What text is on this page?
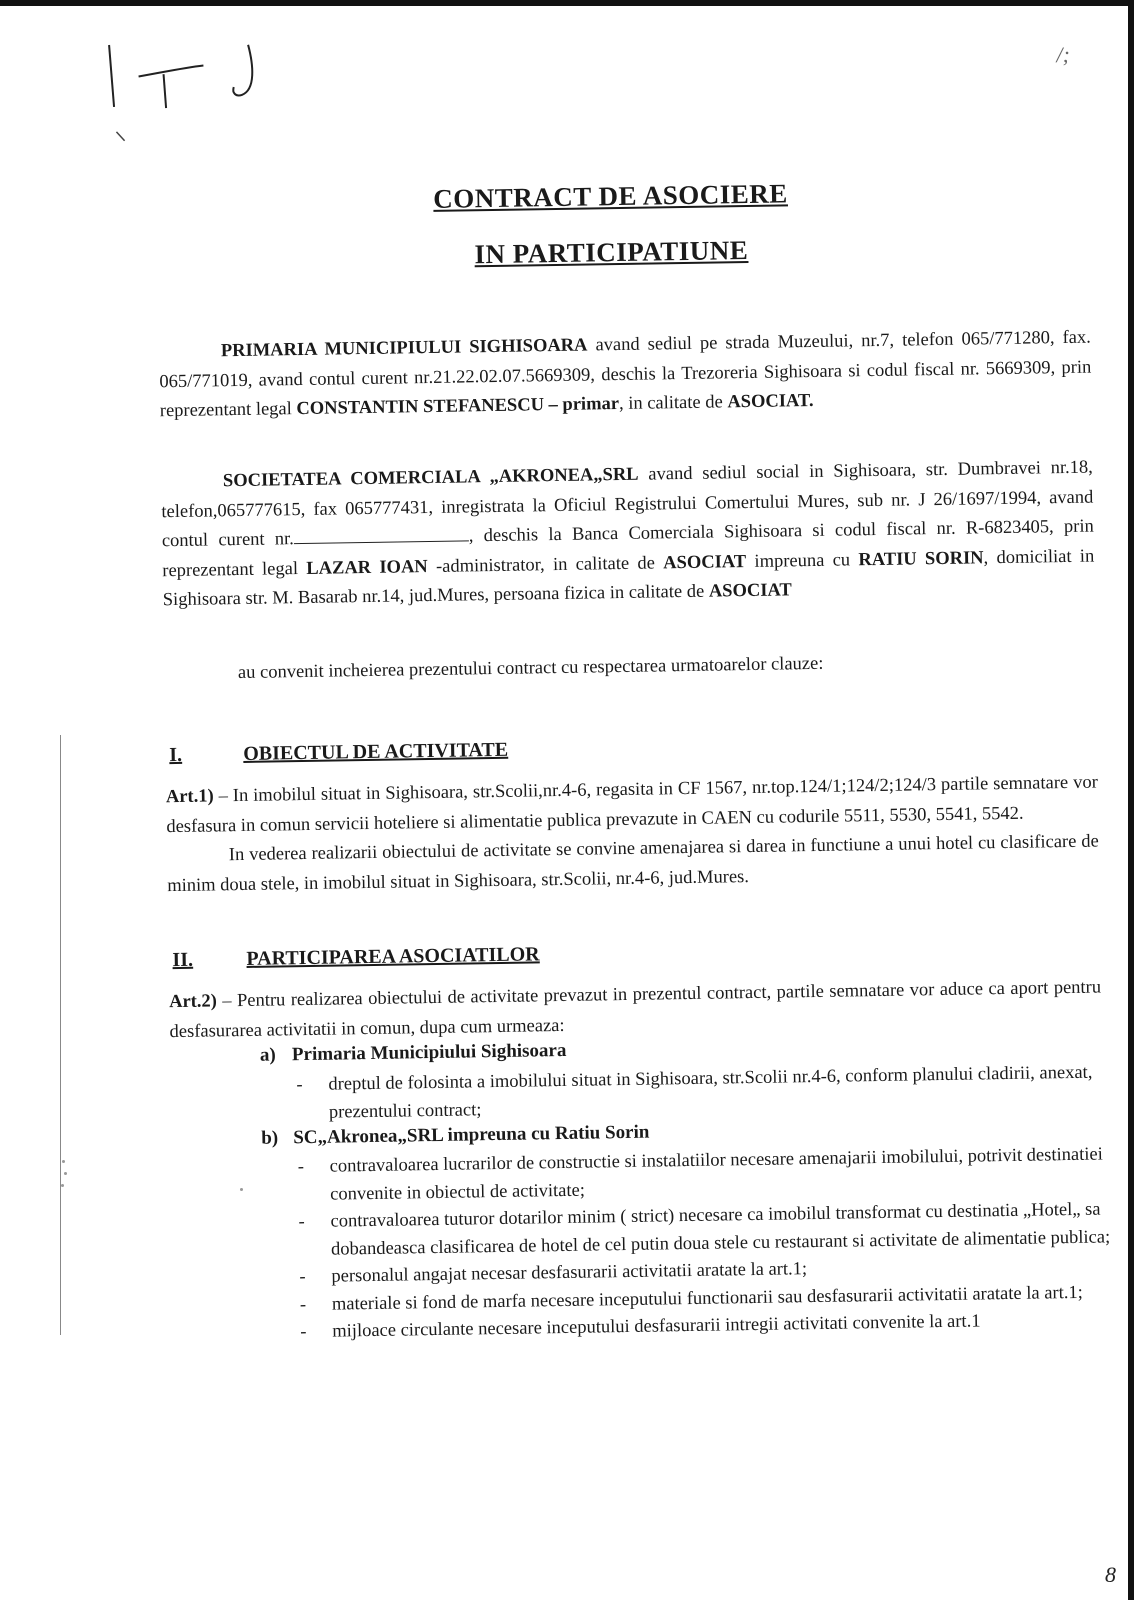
/;
CONTRACT DE ASOCIERE
IN PARTICIPATIUNE
PRIMARIA MUNICIPIULUI SIGHISOARA avand sediul pe strada Muzeului, nr.7, telefon 065/771280, fax. 065/771019, avand contul curent nr.21.22.02.07.5669309, deschis la Trezoreria Sighisoara si codul fiscal nr. 5669309, prin reprezentant legal CONSTANTIN STEFANESCU – primar, in calitate de ASOCIAT.
SOCIETATEA COMERCIALA „AKRONEA„SRL avand sediul social in Sighisoara, str. Dumbravei nr.18, telefon,065777615, fax 065777431, inregistrata la Oficiul Registrului Comertului Mures, sub nr. J 26/1697/1994, avand contul curent nr.	, deschis la Banca Comerciala Sighisoara si codul fiscal nr. R-6823405, prin reprezentant legal LAZAR IOAN -administrator, in calitate de ASOCIAT impreuna cu RATIU SORIN, domiciliat in Sighisoara str. M. Basarab nr.14, jud.Mures, persoana fizica in calitate de ASOCIAT
au convenit incheierea prezentului contract cu respectarea urmatoarelor clauze:
I.	OBIECTUL DE ACTIVITATE
Art.1) – In imobilul situat in Sighisoara, str.Scolii,nr.4-6, regasita in CF 1567, nr.top.124/1;124/2;124/3 partile semnatare vor desfasura in comun servicii hoteliere si alimentatie publica prevazute in CAEN cu codurile 5511, 5530, 5541, 5542.
In vederea realizarii obiectului de activitate se convine amenajarea si darea in functiune a unui hotel cu clasificare de minim doua stele, in imobilul situat in Sighisoara, str.Scolii, nr.4-6, jud.Mures.
II.	PARTICIPAREA ASOCIATILOR
Art.2) – Pentru realizarea obiectului de activitate prevazut in prezentul contract, partile semnatare vor aduce ca aport pentru desfasurarea activitatii in comun, dupa cum urmeaza:
a) Primaria Municipiului Sighisoara
- dreptul de folosinta a imobilului situat in Sighisoara, str.Scolii nr.4-6, conform planului cladirii, anexat, prezentului contract;
b) SC„Akronea„SRL impreuna cu Ratiu Sorin
- contravaloarea lucrarilor de constructie si instalatiilor necesare amenajarii imobilului, potrivit destinatiei convenite in obiectul de activitate;
- contravaloarea tuturor dotarilor minim ( strict) necesare ca imobilul transformat cu destinatia „Hotel„ sa dobandeasca clasificarea de hotel de cel putin doua stele cu restaurant si activitate de alimentatie publica;
- personalul angajat necesar desfasurarii activitatii aratate la art.1;
- materiale si fond de marfa necesare inceputului functionarii sau desfasurarii activitatii aratate la art.1;
- mijloace circulante necesare inceputului desfasurarii intregii activitati convenite la art.1
8
